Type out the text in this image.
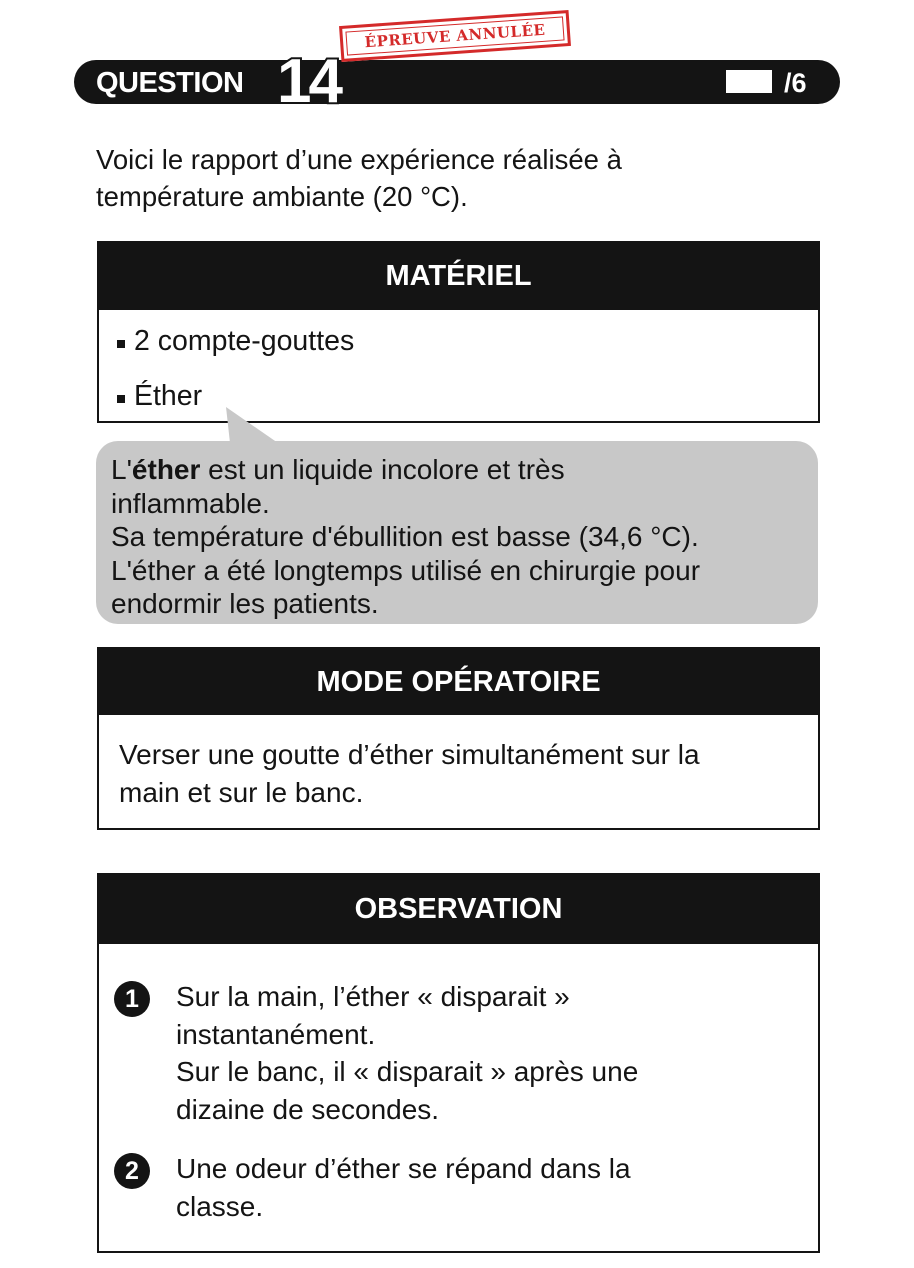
QUESTION 14
ÉPREUVE ANNULÉE
/6

Voici le rapport d’une expérience réalisée à

température ambiante (20 °C).

MATÉRIEL
2 compte-gouttes
Éther

L'éther est un liquide incolore et très

inflammable.

Sa température d'ébullition est basse (34,6 °C).

L'éther a été longtemps utilisé en chirurgie pour

endormir les patients.

MODE OPÉRATOIRE
Verser une goutte d’éther simultanément sur la
main et sur le banc.
OBSERVATION
1	Sur la main, l’éther « disparait »

instantanément.

Sur le banc, il « disparait » après une

dizaine de secondes.

2	Une odeur d’éther se répand dans la

classe.
